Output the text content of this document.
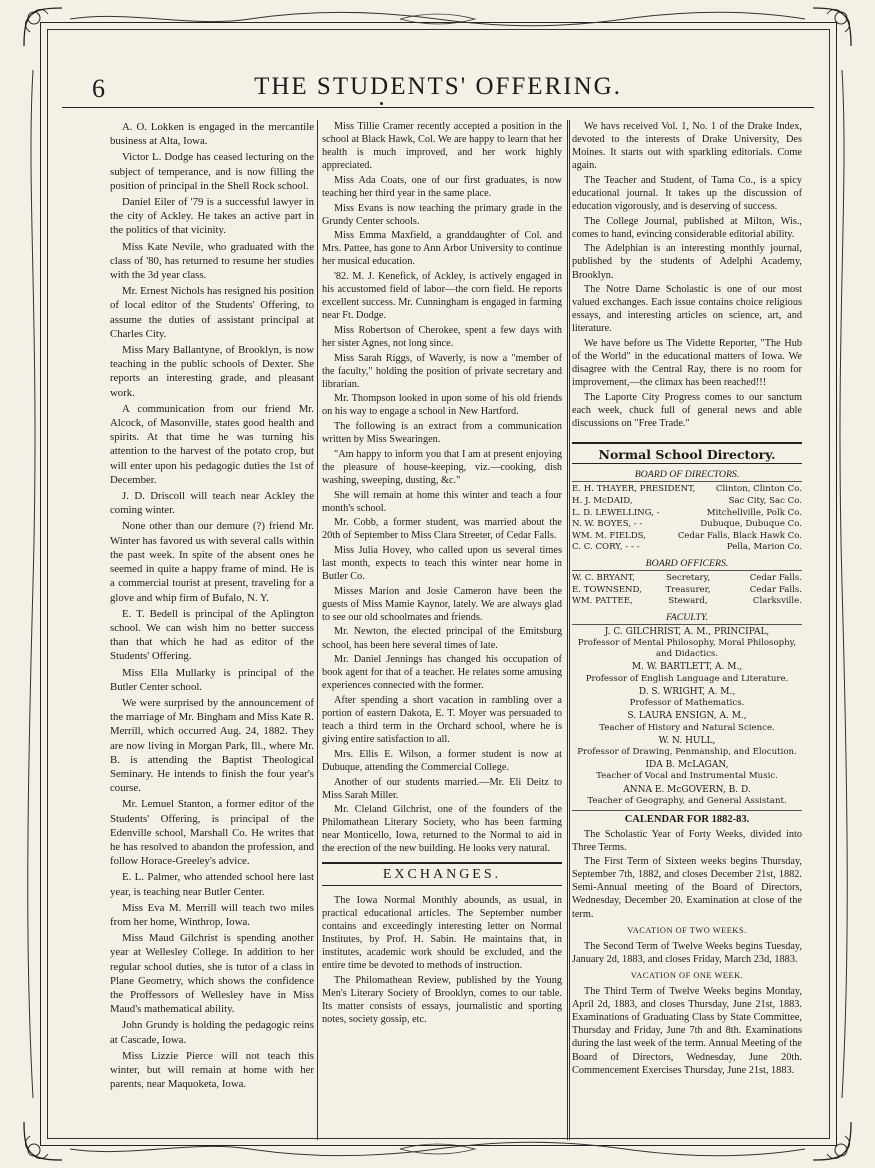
6	THE STUDENTS' OFFERING.

A. O. Lokken is engaged in the mercantile business at Alta, Iowa.

Victor L. Dodge has ceased lecturing on the subject of temperance, and is now filling the position of principal in the Shell Rock school.

Daniel Eiler of '79 is a successful lawyer in the city of Ackley. He takes an active part in the politics of that vicinity.

Miss Kate Nevile, who graduated with the class of '80, has returned to resume her studies with the 3d year class.

Mr. Ernest Nichols has resigned his position of local editor of the Students' Offering, to assume the duties of assistant principal at Charles City.

Miss Mary Ballantyne, of Brooklyn, is now teaching in the public schools of Dexter. She reports an interesting grade, and pleasant work.

A communication from our friend Mr. Alcock, of Masonville, states good health and spirits. At that time he was turning his attention to the harvest of the potato crop, but will enter upon his pedagogic duties the 1st of December.

J. D. Driscoll will teach near Ackley the coming winter.

None other than our demure (?) friend Mr. Winter has favored us with several calls within the past week. In spite of the absent ones he seemed in quite a happy frame of mind. He is a commercial tourist at present, traveling for a glove and whip firm of Bufalo, N. Y.

E. T. Bedell is principal of the Aplington school. We can wish him no better success than that which he had as editor of the Students' Offering.

Miss Ella Mullarky is principal of the Butler Center school.

We were surprised by the announcement of the marriage of Mr. Bingham and Miss Kate R. Merrill, which occurred Aug. 24, 1882. They are now living in Morgan Park, Ill., where Mr. B. is attending the Baptist Theological Seminary. He intends to finish the four year's course.

Mr. Lemuel Stanton, a former editor of the Students' Offering, is principal of the Edenville school, Marshall Co. He writes that he has resolved to abandon the profession, and follow Horace-Greeley's advice.

E. L. Palmer, who attended school here last year, is teaching near Butler Center.

Miss Eva M. Merrill will teach two miles from her home, Winthrop, Iowa.

Miss Maud Gilchrist is spending another year at Wellesley College. In addition to her regular school duties, she is tutor of a class in Plane Geometry, which shows the confidence the Proffessors of Wellesley have in Miss Maud's mathematical ability.

John Grundy is holding the pedagogic reins at Cascade, Iowa.

Miss Lizzie Pierce will not teach this winter, but will remain at home with her parents, near Maquoketa, Iowa.

Miss Tillie Cramer recently accepted a position in the school at Black Hawk, Col. We are happy to learn that her health is much improved, and her work highly appreciated.

Miss Ada Coats, one of our first graduates, is now teaching her third year in the same place.

Miss Evans is now teaching the primary grade in the Grundy Center schools.

Miss Emma Maxfield, a granddaughter of Col. and Mrs. Pattee, has gone to Ann Arbor University to continue her musical education.

'82. M. J. Kenefick, of Ackley, is actively engaged in his accustomed field of labor—the corn field. He reports excellent success. Mr. Cunningham is engaged in farming near Ft. Dodge.

Miss Robertson of Cherokee, spent a few days with her sister Agnes, not long since.

Miss Sarah Riggs, of Waverly, is now a "member of the faculty," holding the position of private secretary and librarian.

Mr. Thompson looked in upon some of his old friends on his way to engage a school in New Hartford.

The following is an extract from a communication written by Miss Swearingen.

"Am happy to inform you that I am at present enjoying the pleasure of house-keeping, viz.—cooking, dish washing, sweeping, dusting, &c."

She will remain at home this winter and teach a four month's school.

Mr. Cobb, a former student, was married about the 20th of September to Miss Clara Streeter, of Cedar Falls.

Miss Julia Hovey, who called upon us several times last month, expects to teach this winter near home in Butler Co.

Misses Marion and Josie Cameron have been the guests of Miss Mamie Kaynor, lately. We are always glad to see our old schoolmates and friends.

Mr. Newton, the elected principal of the Emitsburg school, has been here several times of late.

Mr. Daniel Jennings has changed his occupation of book agent for that of a teacher. He relates some amusing experiences connected with the former.

After spending a short vacation in rambling over a portion of eastern Dakota, E. T. Moyer was persuaded to teach a third term in the Orchard school, where he is giving entire satisfaction to all.

Mrs. Ellis E. Wilson, a former student is now at Dubuque, attending the Commercial College.

Another of our students married.—Mr. Eli Deitz to Miss Sarah Miller.

Mr. Cleland Gilchrist, one of the founders of the Philomathean Literary Society, who has been farming near Monticello, Iowa, returned to the Normal to aid in the erection of the new building. He looks very natural.

EXCHANGES.

The Iowa Normal Monthly abounds, as usual, in practical educational articles. The September number contains and exceedingly interesting letter on Normal Institutes, by Prof. H. Sabin. He maintains that, in institutes, academic work should be excluded, and the entire time be devoted to methods of instruction.

The Philomathean Review, published by the Young Men's Literary Society of Brooklyn, comes to our table. Its matter consists of essays, journalistic and sporting notes, society gossip, etc.

We havs received Vol. 1, No. 1 of the Drake Index, devoted to the interests of Drake University, Des Moines. It starts out with sparkling editorials. Come again.

The Teacher and Student, of Tama Co., is a spicy educational journal. It takes up the discussion of education vigorously, and is deserving of success.

The College Journal, published at Milton, Wis., comes to hand, evincing considerable editorial ability.

The Adelphian is an interesting monthly journal, published by the students of Adelphi Academy, Brooklyn.

The Notre Dame Scholastic is one of our most valued exchanges. Each issue contains choice religious essays, and interesting articles on science, art, and literature.

We have before us The Vidette Reporter, "The Hub of the World" in the educational matters of Iowa. We disagree with the Central Ray, there is no room for improvement,—the climax has been reached!!!

The Laporte City Progress comes to our sanctum each week, chuck full of general news and able discussions on "Free Trade."

Normal School Directory.
BOARD OF DIRECTORS.
E. H. THAYER, PRESIDENT, Clinton, Clinton Co.
H. J. McDAID,	Sac City, Sac Co.
L. D. LEWELLING, -	Mitchellville, Polk Co.
N. W. BOYES, - -	Dubuque, Dubuque Co.
WM. M. FIELDS,	Cedar Falls, Black Hawk Co.
C. C. CORY, - - -	Pella, Marion Co.
BOARD OFFICERS.
W. C. BRYANT,	Secretary,	Cedar Falls.
E. TOWNSEND,	Treasurer,	Cedar Falls.
WM. PATTEE,	Steward,	Clarksville.
FACULTY.
J. C. GILCHRIST, A. M., PRINCIPAL,
Professor of Mental Philosophy, Moral Philosophy, and Didactics.
M. W. BARTLETT, A. M.,
Professor of English Language and Literature.
D. S. WRIGHT, A. M.,
Professor of Mathematics.
S. LAURA ENSIGN, A. M.,
Teacher of History and Natural Science.
W. N. HULL,
Professor of Drawing, Penmanship, and Elocution.
IDA B. McLAGAN,
Teacher of Vocal and Instrumental Music.
ANNA E. McGOVERN, B. D.
Teacher of Geography, and General Assistant.
CALENDAR FOR 1882-83.

The Scholastic Year of Forty Weeks, divided into Three Terms.

The First Term of Sixteen weeks begins Thursday, September 7th, 1882, and closes December 21st, 1882. Semi-Annual meeting of the Board of Directors, Wednesday, December 20. Examination at close of the term.

VACATION OF TWO WEEKS.

The Second Term of Twelve Weeks begins Tuesday, January 2d, 1883, and closes Friday, March 23d, 1883.

VACATION OF ONE WEEK.

The Third Term of Twelve Weeks begins Monday, April 2d, 1883, and closes Thursday, June 21st, 1883. Examinations of Graduating Class by State Committee, Thursday and Friday, June 7th and 8th. Examinations during the last week of the term. Annual Meeting of the Board of Directors, Wednesday, June 20th. Commencement Exercises Thursday, June 21st, 1883.
